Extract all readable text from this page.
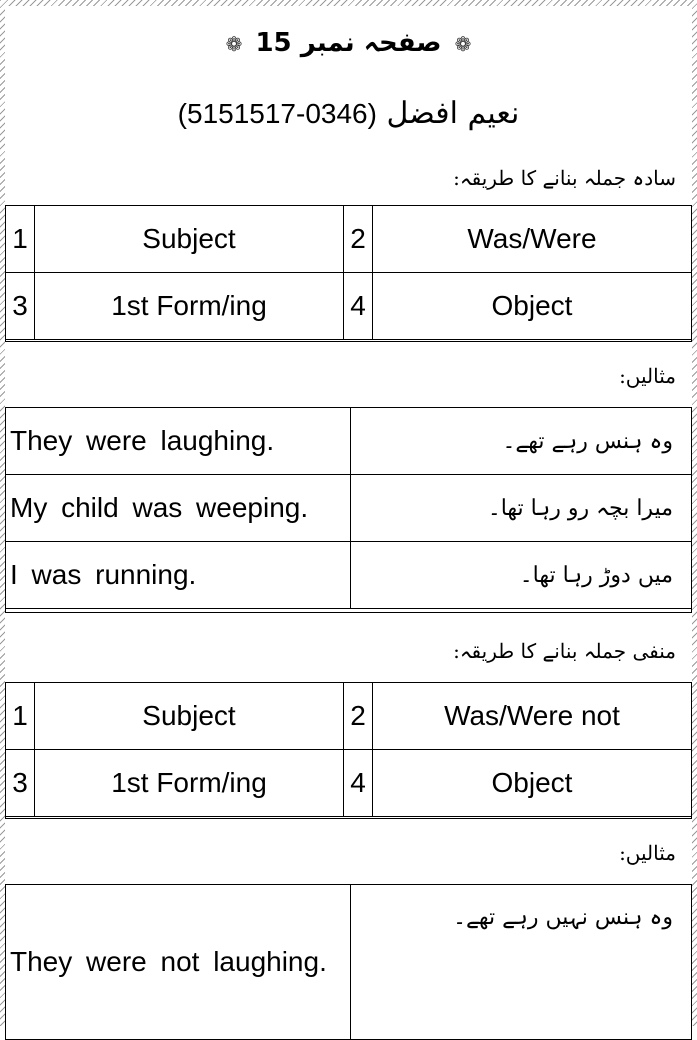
❁ صفحہ نمبر 15 ❁
نعیم افضل (0346-5151517)
سادہ جملہ بنانے کا طریقہ:
1	Subject	2	Was/Were
3	1st Form/ing	4	Object
مثالیں:
They were laughing.	وہ ہنس رہے تھے۔
My child was weeping.	میرا بچہ رو رہا تھا۔
I was running.	میں دوڑ رہا تھا۔
منفی جملہ بنانے کا طریقہ:
1	Subject	2	Was/Were not
3	1st Form/ing	4	Object
مثالیں:
They were not laughing.	وہ ہنس نہیں رہے تھے۔
